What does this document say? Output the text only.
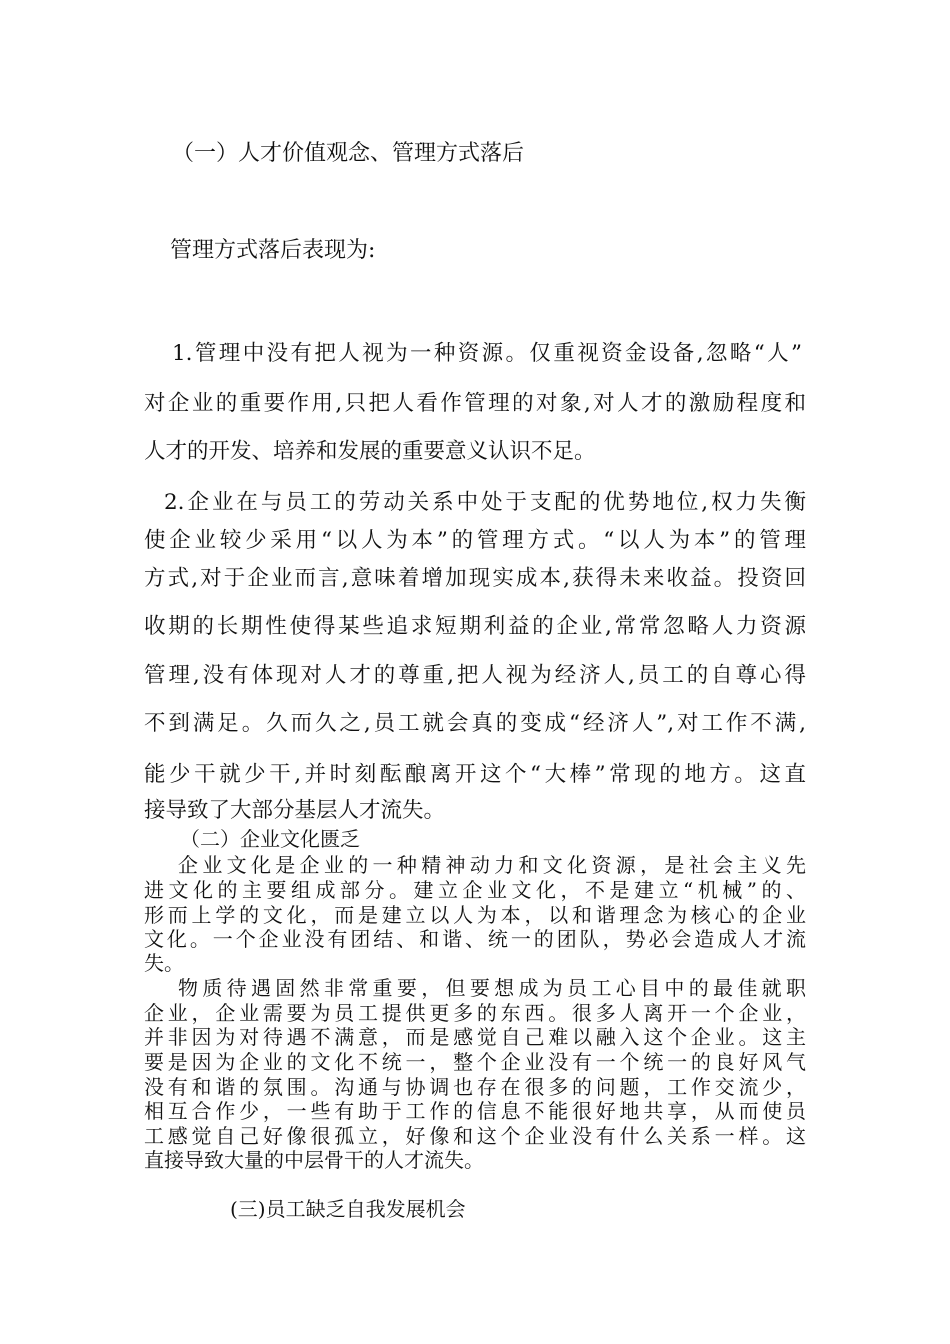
（一）人才价值观念、管理方式落后

管理方式落后表现为:

1.管理中没有把人视为一种资源。仅重视资金设备,忽略“人”

对企业的重要作用,只把人看作管理的对象,对人才的激励程度和

人才的开发、培养和发展的重要意义认识不足。

2.企业在与员工的劳动关系中处于支配的优势地位,权力失衡

使企业较少采用“以人为本”的管理方式。“以人为本”的管理

方式,对于企业而言,意味着增加现实成本,获得未来收益。投资回

收期的长期性使得某些追求短期利益的企业,常常忽略人力资源

管理,没有体现对人才的尊重,把人视为经济人,员工的自尊心得

不到满足。久而久之,员工就会真的变成“经济人”,对工作不满,

能少干就少干,并时刻酝酿离开这个“大棒”常现的地方。这直

接导致了大部分基层人才流失。

（二）企业文化匮乏

企业文化是企业的一种精神动力和文化资源，是社会主义先

进文化的主要组成部分。建立企业文化，不是建立“机械”的、

形而上学的文化，而是建立以人为本，以和谐理念为核心的企业

文化。一个企业没有团结、和谐、统一的团队，势必会造成人才流

失。

物质待遇固然非常重要，但要想成为员工心目中的最佳就职

企业，企业需要为员工提供更多的东西。很多人离开一个企业，

并非因为对待遇不满意，而是感觉自己难以融入这个企业。这主

要是因为企业的文化不统一，整个企业没有一个统一的良好风气

没有和谐的氛围。沟通与协调也存在很多的问题，工作交流少，

相互合作少，一些有助于工作的信息不能很好地共享，从而使员

工感觉自己好像很孤立，好像和这个企业没有什么关系一样。这

直接导致大量的中层骨干的人才流失。

(三)员工缺乏自我发展机会
